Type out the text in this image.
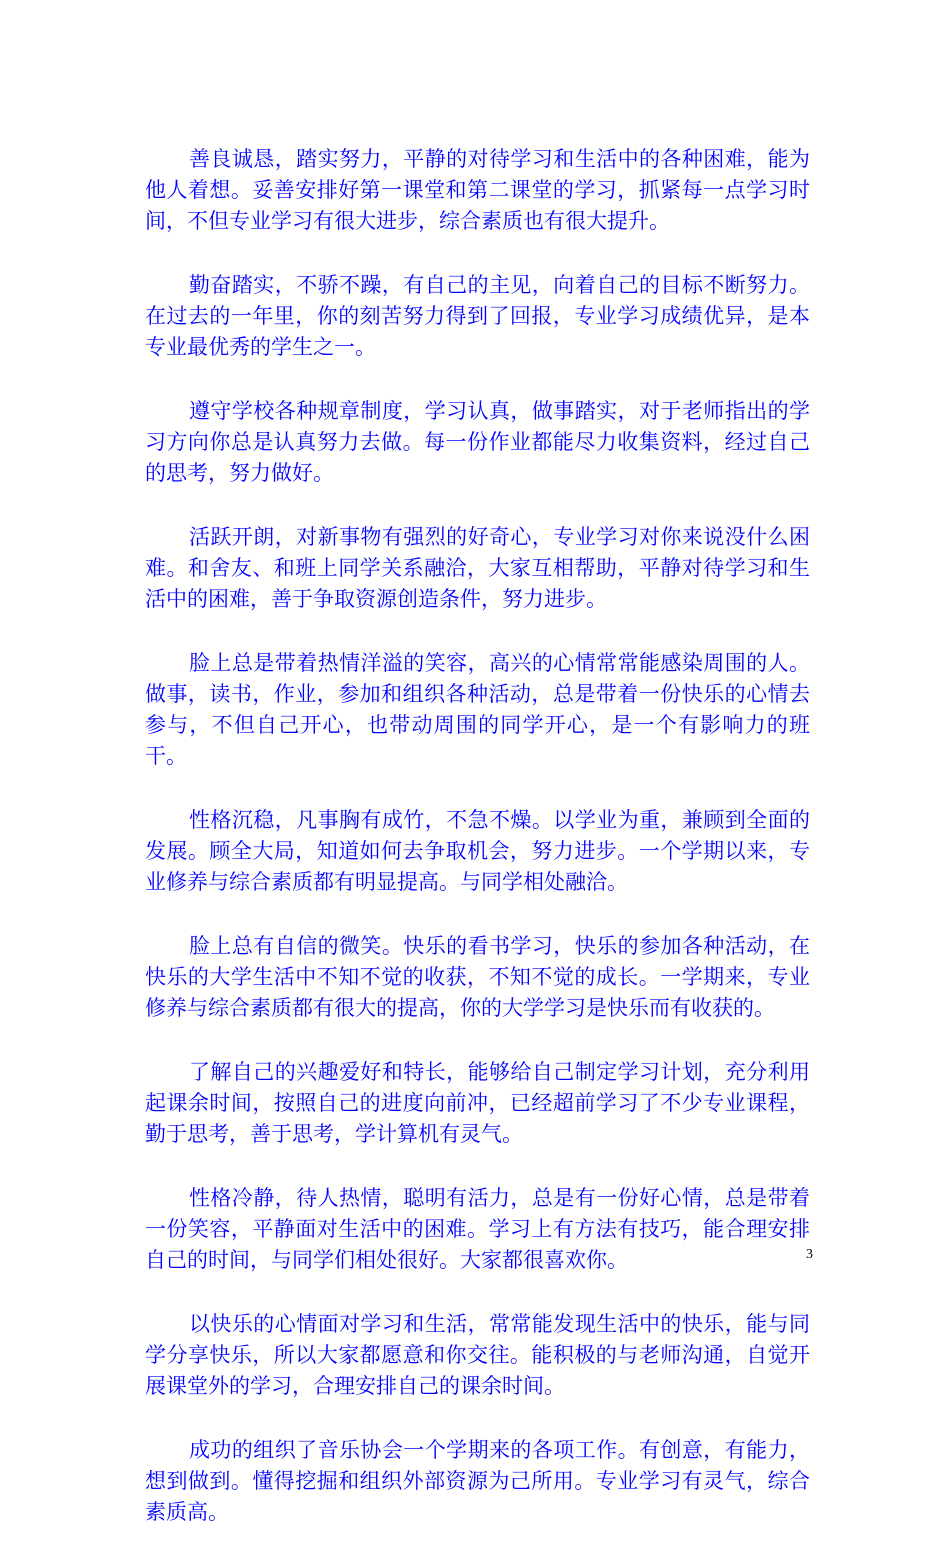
善良诚恳，踏实努力，平静的对待学习和生活中的各种困难，能为他人着想。妥善安排好第一课堂和第二课堂的学习，抓紧每一点学习时间，不但专业学习有很大进步，综合素质也有很大提升。

勤奋踏实，不骄不躁，有自己的主见，向着自己的目标不断努力。在过去的一年里，你的刻苦努力得到了回报，专业学习成绩优异，是本专业最优秀的学生之一。

遵守学校各种规章制度，学习认真，做事踏实，对于老师指出的学习方向你总是认真努力去做。每一份作业都能尽力收集资料，经过自己的思考，努力做好。

活跃开朗，对新事物有强烈的好奇心，专业学习对你来说没什么困难。和舍友、和班上同学关系融洽，大家互相帮助，平静对待学习和生活中的困难，善于争取资源创造条件，努力进步。

脸上总是带着热情洋溢的笑容，高兴的心情常常能感染周围的人。做事，读书，作业，参加和组织各种活动，总是带着一份快乐的心情去参与，不但自己开心，也带动周围的同学开心，是一个有影响力的班干。

性格沉稳，凡事胸有成竹，不急不燥。以学业为重，兼顾到全面的发展。顾全大局，知道如何去争取机会，努力进步。一个学期以来，专业修养与综合素质都有明显提高。与同学相处融洽。

脸上总有自信的微笑。快乐的看书学习，快乐的参加各种活动，在快乐的大学生活中不知不觉的收获，不知不觉的成长。一学期来，专业修养与综合素质都有很大的提高，你的大学学习是快乐而有收获的。

了解自己的兴趣爱好和特长，能够给自己制定学习计划，充分利用起课余时间，按照自己的进度向前冲，已经超前学习了不少专业课程，勤于思考，善于思考，学计算机有灵气。

性格冷静，待人热情，聪明有活力，总是有一份好心情，总是带着一份笑容，平静面对生活中的困难。学习上有方法有技巧，能合理安排自己的时间，与同学们相处很好。大家都很喜欢你。

以快乐的心情面对学习和生活，常常能发现生活中的快乐，能与同学分享快乐，所以大家都愿意和你交往。能积极的与老师沟通，自觉开展课堂外的学习，合理安排自己的课余时间。

成功的组织了音乐协会一个学期来的各项工作。有创意，有能力，想到做到。懂得挖掘和组织外部资源为己所用。专业学习有灵气，综合素质高。

3
